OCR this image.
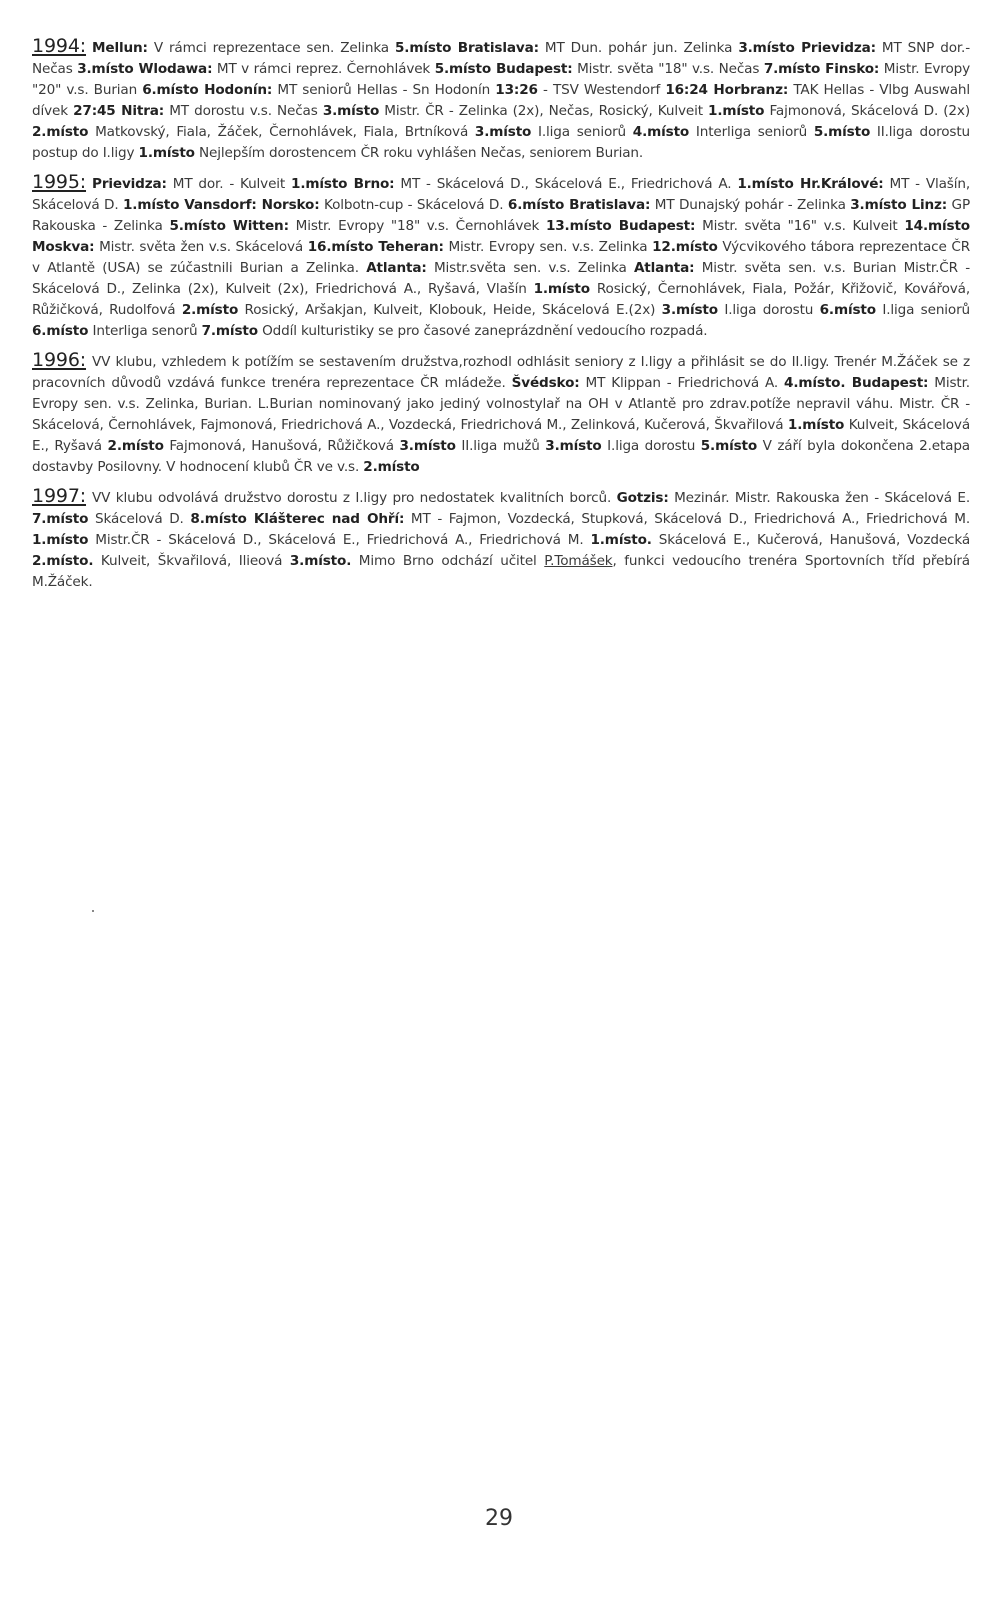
1994: Mellun: V rámci reprezentace sen. Zelinka 5.místo Bratislava: MT Dun. pohár jun. Zelinka 3.místo Prievidza: MT SNP dor.- Nečas 3.místo Wlodawa: MT v rámci reprez. Černohlávek 5.místo Budapest: Mistr. světa "18" v.s. Nečas 7.místo Finsko: Mistr. Evropy "20" v.s. Burian 6.místo Hodonín: MT seniorů Hellas - Sn Hodonín 13:26 - TSV Westendorf 16:24 Horbranz: TAK Hellas - Vlbg Auswahl dívek 27:45 Nitra: MT dorostu v.s. Nečas 3.místo Mistr. ČR - Zelinka (2x), Nečas, Rosický, Kulveit 1.místo Fajmonová, Skácelová D. (2x) 2.místo Matkovský, Fiala, Žáček, Černohlávek, Fiala, Brtníková 3.místo I.liga seniorů 4.místo Interliga seniorů 5.místo II.liga dorostu postup do I.ligy 1.místo Nejlepším dorostencem ČR roku vyhlášen Nečas, seniorem Burian.

1995: Prievidza: MT dor. - Kulveit 1.místo Brno: MT - Skácelová D., Skácelová E., Friedrichová A. 1.místo Hr.Králové: MT - Vlašín, Skácelová D. 1.místo Vansdorf: Norsko: Kolbotn-cup - Skácelová D. 6.místo Bratislava: MT Dunajský pohár - Zelinka 3.místo Linz: GP Rakouska - Zelinka 5.místo Witten: Mistr. Evropy "18" v.s. Černohlávek 13.místo Budapest: Mistr. světa "16" v.s. Kulveit 14.místo Moskva: Mistr. světa žen v.s. Skácelová 16.místo Teheran: Mistr. Evropy sen. v.s. Zelinka 12.místo Výcvikového tábora reprezentace ČR v Atlantě (USA) se zúčastnili Burian a Zelinka. Atlanta: Mistr.světa sen. v.s. Zelinka Atlanta: Mistr. světa sen. v.s. Burian Mistr.ČR - Skácelová D., Zelinka (2x), Kulveit (2x), Friedrichová A., Ryšavá, Vlašín 1.místo Rosický, Černohlávek, Fiala, Požár, Křižovič, Kovářová, Růžičková, Rudolfová 2.místo Rosický, Aršakjan, Kulveit, Klobouk, Heide, Skácelová E.(2x) 3.místo I.liga dorostu 6.místo I.liga seniorů 6.místo Interliga senorů 7.místo Oddíl kulturistiky se pro časové zaneprázdnění vedoucího rozpadá.

1996: VV klubu, vzhledem k potížím se sestavením družstva,rozhodl odhlásit seniory z I.ligy a přihlásit se do II.ligy. Trenér M.Žáček se z pracovních důvodů vzdává funkce trenéra reprezentace ČR mládeže. Švédsko: MT Klippan - Friedrichová A. 4.místo. Budapest: Mistr. Evropy sen. v.s. Zelinka, Burian. L.Burian nominovaný jako jediný volnostylař na OH v Atlantě pro zdrav.potíže nepravil váhu. Mistr. ČR - Skácelová, Černohlávek, Fajmonová, Friedrichová A., Vozdecká, Friedrichová M., Zelinková, Kučerová, Škvařilová 1.místo Kulveit, Skácelová E., Ryšavá 2.místo Fajmonová, Hanušová, Růžičková 3.místo II.liga mužů 3.místo I.liga dorostu 5.místo V září byla dokončena 2.etapa dostavby Posilovny. V hodnocení klubů ČR ve v.s. 2.místo

1997: VV klubu odvolává družstvo dorostu z I.ligy pro nedostatek kvalitních borců. Gotzis: Mezinár. Mistr. Rakouska žen - Skácelová E. 7.místo Skácelová D. 8.místo Klášterec nad Ohří: MT - Fajmon, Vozdecká, Stupková, Skácelová D., Friedrichová A., Friedrichová M. 1.místo Mistr.ČR - Skácelová D., Skácelová E., Friedrichová A., Friedrichová M. 1.místo. Skácelová E., Kučerová, Hanušová, Vozdecká 2.místo. Kulveit, Škvařilová, Ilieová 3.místo. Mimo Brno odchází učitel P.Tomášek, funkci vedoucího trenéra Sportovních tříd přebírá M.Žáček.

29
